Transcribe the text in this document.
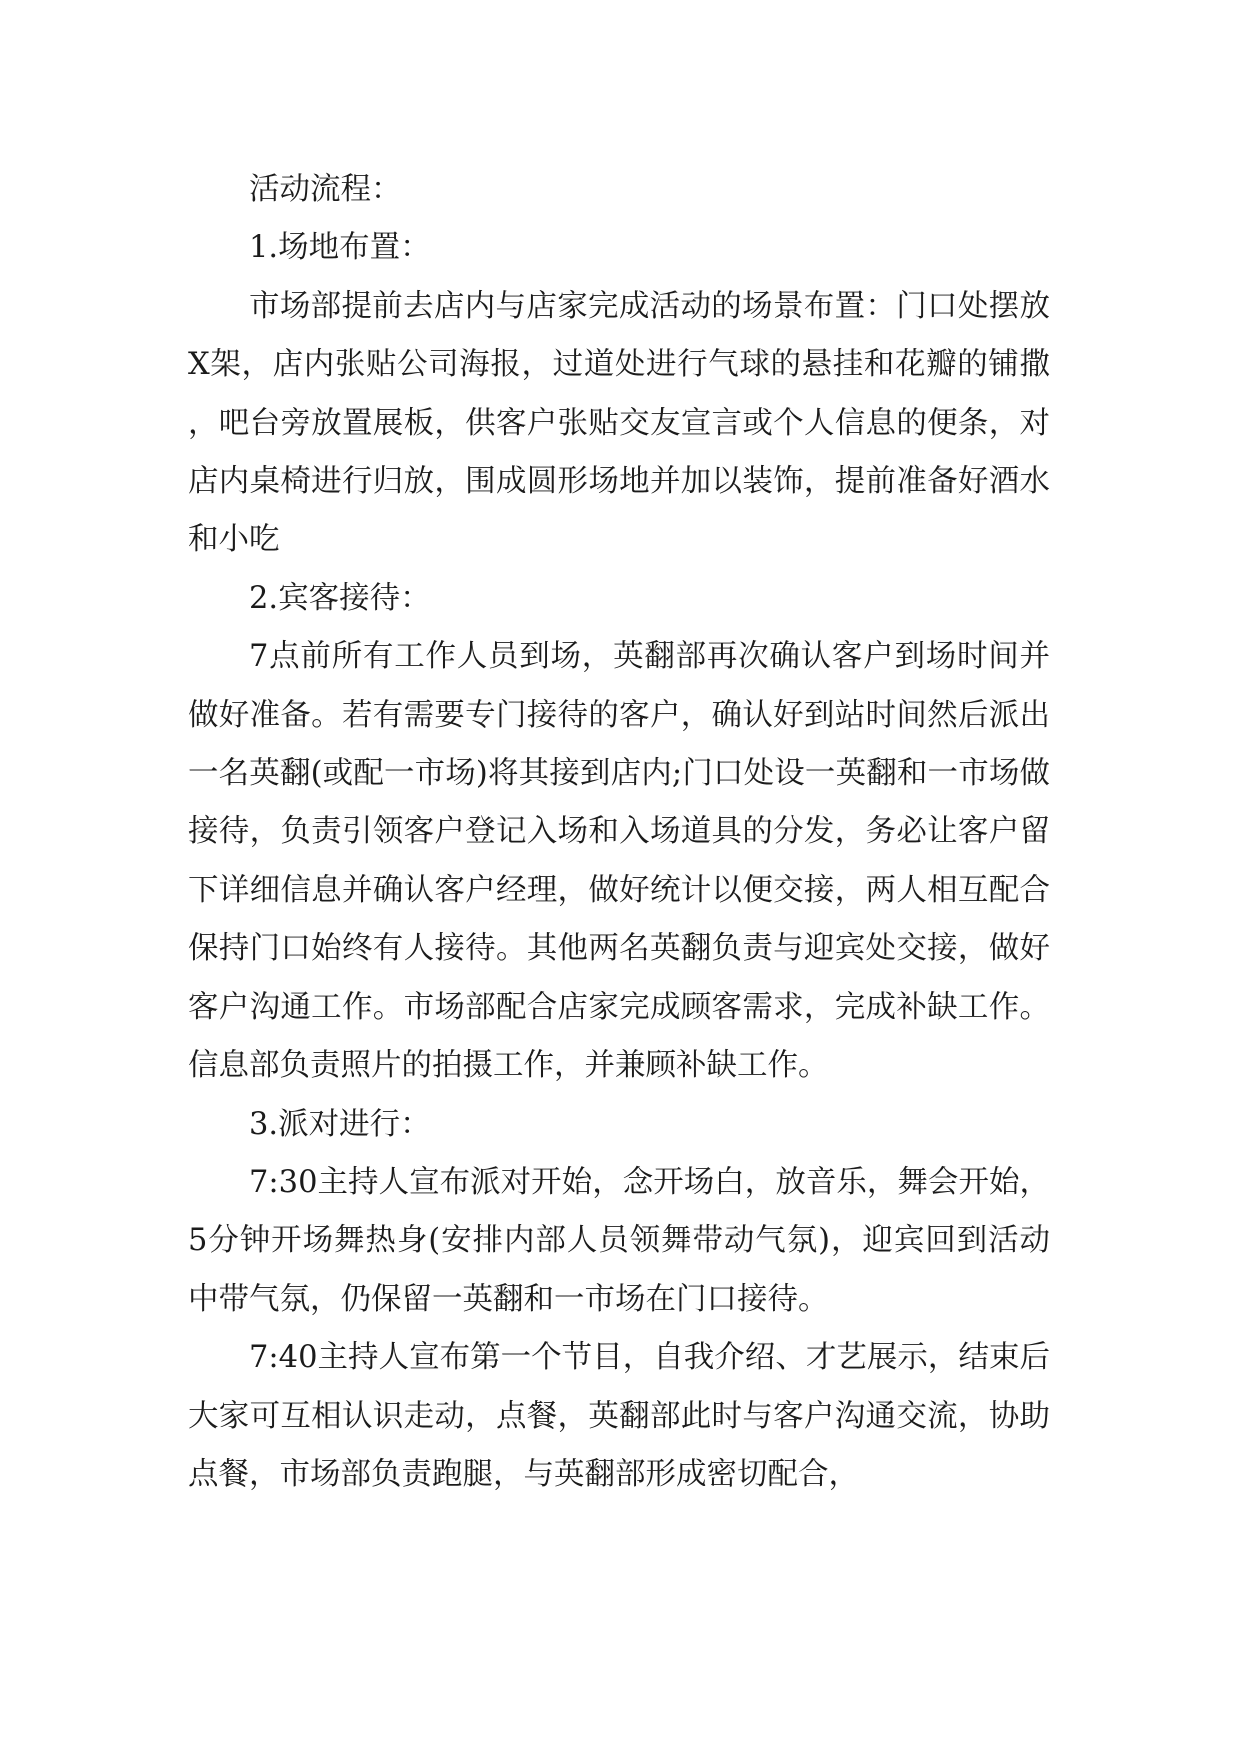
活动流程：

1.场地布置：

市场部提前去店内与店家完成活动的场景布置：门口处摆放X架，店内张贴公司海报，过道处进行气球的悬挂和花瓣的铺撒，吧台旁放置展板，供客户张贴交友宣言或个人信息的便条，对店内桌椅进行归放，围成圆形场地并加以装饰，提前准备好酒水和小吃

2.宾客接待：

7点前所有工作人员到场，英翻部再次确认客户到场时间并做好准备。若有需要专门接待的客户，确认好到站时间然后派出一名英翻(或配一市场)将其接到店内;门口处设一英翻和一市场做接待，负责引领客户登记入场和入场道具的分发，务必让客户留下详细信息并确认客户经理，做好统计以便交接，两人相互配合保持门口始终有人接待。其他两名英翻负责与迎宾处交接，做好客户沟通工作。市场部配合店家完成顾客需求，完成补缺工作。信息部负责照片的拍摄工作，并兼顾补缺工作。

3.派对进行：

7:30主持人宣布派对开始，念开场白，放音乐，舞会开始，5分钟开场舞热身(安排内部人员领舞带动气氛)，迎宾回到活动中带气氛，仍保留一英翻和一市场在门口接待。

7:40主持人宣布第一个节目，自我介绍、才艺展示，结束后大家可互相认识走动，点餐，英翻部此时与客户沟通交流，协助点餐，市场部负责跑腿，与英翻部形成密切配合，
